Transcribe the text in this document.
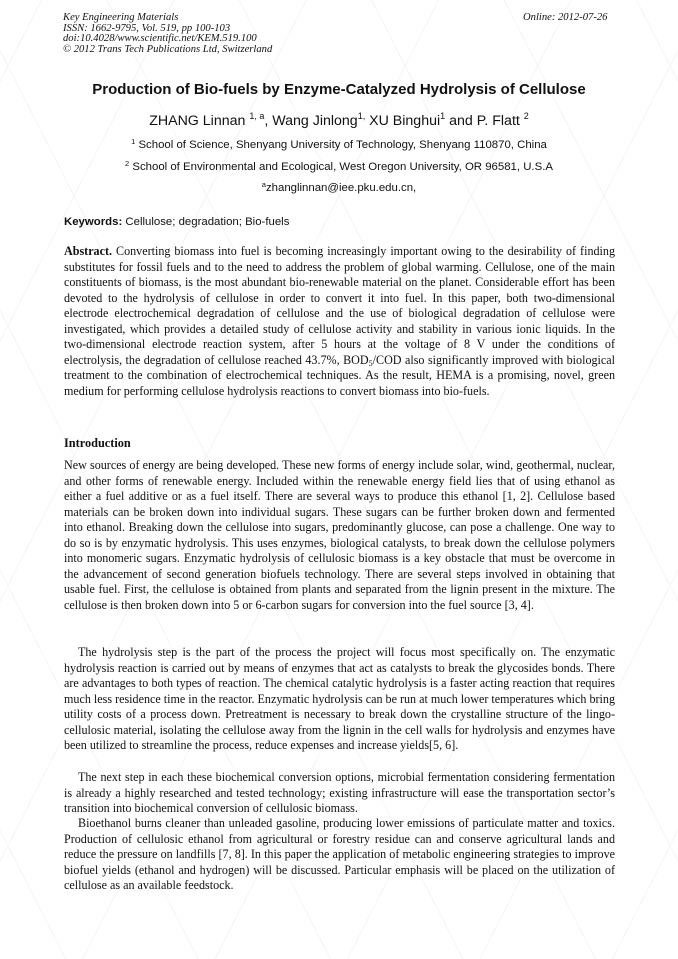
Key Engineering Materials
ISSN: 1662-9795, Vol. 519, pp 100-103
doi:10.4028/www.scientific.net/KEM.519.100
© 2012 Trans Tech Publications Ltd, Switzerland
Online: 2012-07-26
Production of Bio-fuels by Enzyme-Catalyzed Hydrolysis of Cellulose
ZHANG Linnan $^{1, a}$, Wang Jinlong$^{1,}$ XU Binghui$^1$ and P. Flatt $^2$
$^1$ School of Science, Shenyang University of Technology, Shenyang 110870, China
$^2$ School of Environmental and Ecological, West Oregon University, OR 96581, U.S.A
$^a$zhanglinnan@iee.pku.edu.cn,
Keywords: Cellulose; degradation; Bio-fuels
Abstract. Converting biomass into fuel is becoming increasingly important owing to the desirability of finding substitutes for fossil fuels and to the need to address the problem of global warming. Cellulose, one of the main constituents of biomass, is the most abundant bio-renewable material on the planet. Considerable effort has been devoted to the hydrolysis of cellulose in order to convert it into fuel. In this paper, both two-dimensional electrode electrochemical degradation of cellulose and the use of biological degradation of cellulose were investigated, which provides a detailed study of cellulose activity and stability in various ionic liquids. In the two-dimensional electrode reaction system, after 5 hours at the voltage of 8 V under the conditions of electrolysis, the degradation of cellulose reached 43.7%, $BOD_5$/COD also significantly improved with biological treatment to the combination of electrochemical techniques. As the result, HEMA is a promising, novel, green medium for performing cellulose hydrolysis reactions to convert biomass into bio-fuels.
Introduction
New sources of energy are being developed. These new forms of energy include solar, wind, geothermal, nuclear, and other forms of renewable energy. Included within the renewable energy field lies that of using ethanol as either a fuel additive or as a fuel itself. There are several ways to produce this ethanol [1, 2]. Cellulose based materials can be broken down into individual sugars. These sugars can be further broken down and fermented into ethanol. Breaking down the cellulose into sugars, predominantly glucose, can pose a challenge. One way to do so is by enzymatic hydrolysis. This uses enzymes, biological catalysts, to break down the cellulose polymers into monomeric sugars. Enzymatic hydrolysis of cellulosic biomass is a key obstacle that must be overcome in the advancement of second generation biofuels technology. There are several steps involved in obtaining that usable fuel. First, the cellulose is obtained from plants and separated from the lignin present in the mixture. The cellulose is then broken down into 5 or 6-carbon sugars for conversion into the fuel source [3, 4].
The hydrolysis step is the part of the process the project will focus most specifically on. The enzymatic hydrolysis reaction is carried out by means of enzymes that act as catalysts to break the glycosides bonds. There are advantages to both types of reaction. The chemical catalytic hydrolysis is a faster acting reaction that requires much less residence time in the reactor. Enzymatic hydrolysis can be run at much lower temperatures which bring utility costs of a process down. Pretreatment is necessary to break down the crystalline structure of the lingo-cellulosic material, isolating the cellulose away from the lignin in the cell walls for hydrolysis and enzymes have been utilized to streamline the process, reduce expenses and increase yields[5, 6].
The next step in each these biochemical conversion options, microbial fermentation considering fermentation is already a highly researched and tested technology; existing infrastructure will ease the transportation sector’s transition into biochemical conversion of cellulosic biomass.
Bioethanol burns cleaner than unleaded gasoline, producing lower emissions of particulate matter and toxics. Production of cellulosic ethanol from agricultural or forestry residue can and conserve agricultural lands and reduce the pressure on landfills [7, 8]. In this paper the application of metabolic engineering strategies to improve biofuel yields (ethanol and hydrogen) will be discussed. Particular emphasis will be placed on the utilization of cellulose as an available feedstock.
